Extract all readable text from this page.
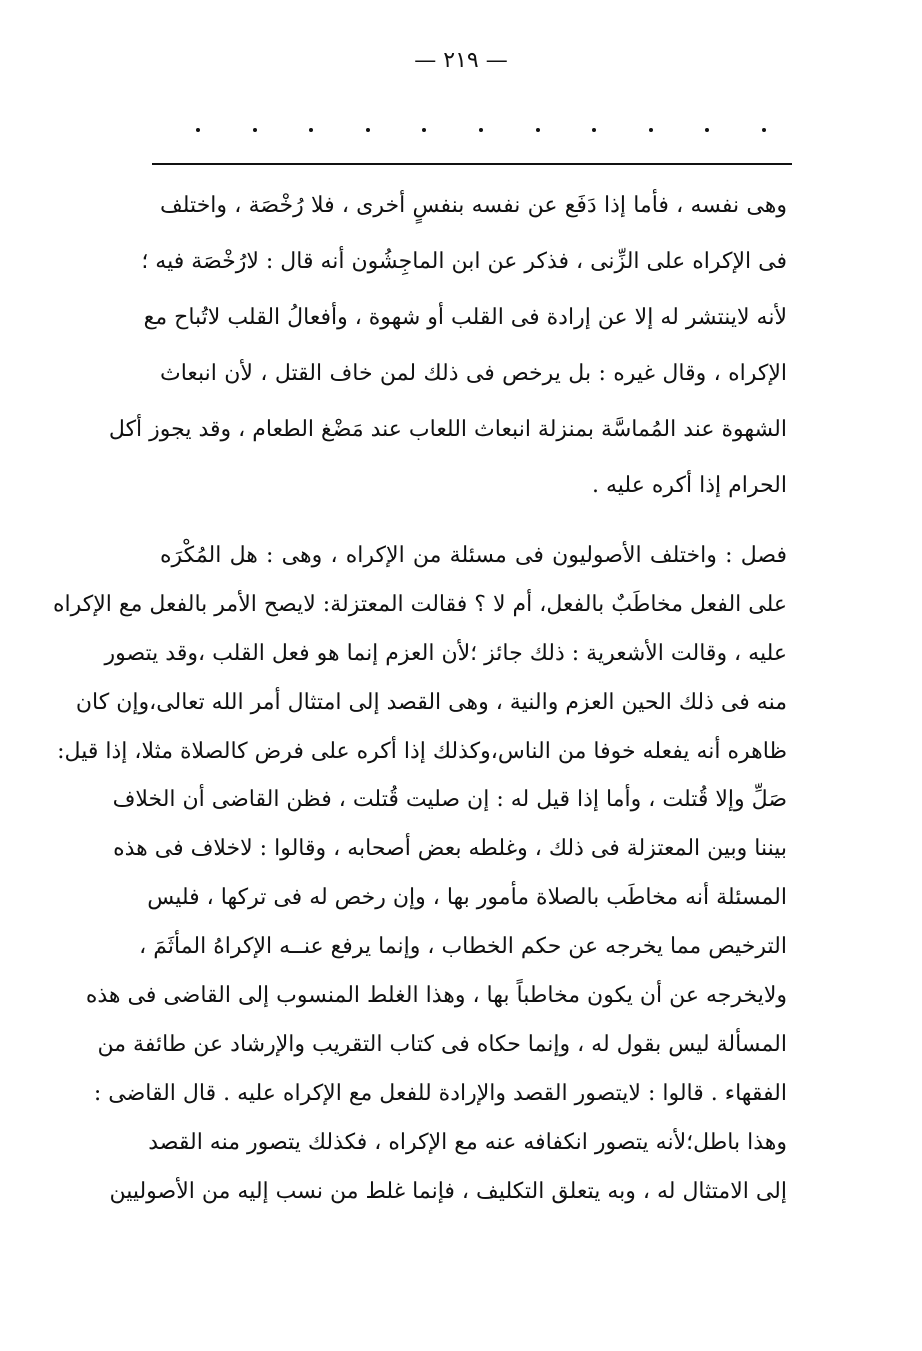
— ٢١٩ —
وهى نفسه ، فأما إذا دَفَع عن نفسه بنفسٍ أخرى ، فلا رُخْصَة ، واختلف
فى الإكراه على الزِّنى ، فذكر عن ابن الماجِشُون أنه قال : لارُخْصَة فيه ؛
لأنه لاينتشر له إلا عن إرادة فى القلب أو شهوة ، وأفعالُ القلب لاتُباح مع
الإكراه ، وقال غيره : بل يرخص فى ذلك لمن خاف القتل ، لأن انبعاث
الشهوة عند المُماسَّة بمنزلة انبعاث اللعاب عند مَضْغ الطعام ، وقد يجوز أكل
الحرام إذا أكره عليه .
فصل : واختلف الأصوليون فى مسئلة من الإكراه ، وهى : هل المُكْرَه
على الفعل مخاطَبٌ بالفعل، أم لا ؟ فقالت المعتزلة: لايصح الأمر بالفعل مع الإكراه
عليه ، وقالت الأشعرية : ذلك جائز ؛لأن العزم إنما هو فعل القلب ،وقد يتصور
منه فى ذلك الحين العزم والنية ، وهى القصد إلى امتثال أمر الله تعالى،وإن كان
ظاهره أنه يفعله خوفا من الناس،وكذلك إذا أكره على فرض كالصلاة مثلا، إذا قيل:
صَلِّ وإلا قُتلت ، وأما إذا قيل له : إن صليت قُتلت ، فظن القاضى أن الخلاف
بيننا وبين المعتزلة فى ذلك ، وغلطه بعض أصحابه ، وقالوا : لاخلاف فى هذه
المسئلة أنه مخاطَب بالصلاة مأمور بها ، وإن رخص له فى تركها ، فليس
الترخيص مما يخرجه عن حكم الخطاب ، وإنما يرفع عنــه الإكراهُ المأثَمَ ،
ولايخرجه عن أن يكون مخاطباً بها ، وهذا الغلط المنسوب إلى القاضى فى هذه
المسألة ليس بقول له ، وإنما حكاه فى كتاب التقريب والإرشاد عن طائفة من
الفقهاء . قالوا : لايتصور القصد والإرادة للفعل مع الإكراه عليه . قال القاضى :
وهذا باطل؛لأنه يتصور انكفافه عنه مع الإكراه ، فكذلك يتصور منه القصد
إلى الامتثال له ، وبه يتعلق التكليف ، فإنما غلط من نسب إليه من الأصوليين
